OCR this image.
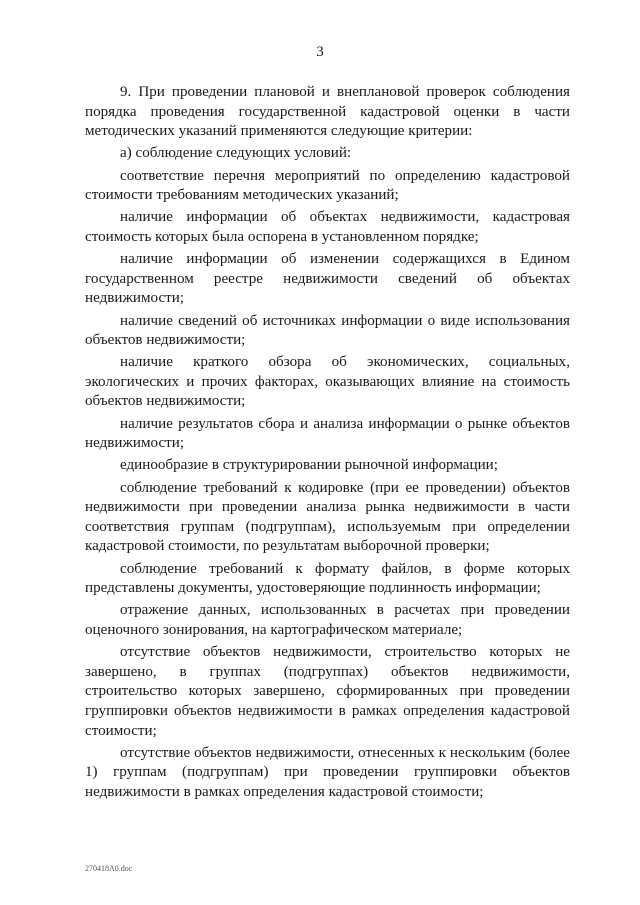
3

9. При проведении плановой и внеплановой проверок соблюдения порядка проведения государственной кадастровой оценки в части методических указаний применяются следующие критерии:

а) соблюдение следующих условий:

соответствие перечня мероприятий по определению кадастровой стоимости требованиям методических указаний;

наличие информации об объектах недвижимости, кадастровая стоимость которых была оспорена в установленном порядке;

наличие информации об изменении содержащихся в Едином государственном реестре недвижимости сведений об объектах недвижимости;

наличие сведений об источниках информации о виде использования объектов недвижимости;

наличие краткого обзора об экономических, социальных, экологических и прочих факторах, оказывающих влияние на стоимость объектов недвижимости;

наличие результатов сбора и анализа информации о рынке объектов недвижимости;

единообразие в структурировании рыночной информации;

соблюдение требований к кодировке (при ее проведении) объектов недвижимости при проведении анализа рынка недвижимости в части соответствия группам (подгруппам), используемым при определении кадастровой стоимости, по результатам выборочной проверки;

соблюдение требований к формату файлов, в форме которых представлены документы, удостоверяющие подлинность информации;

отражение данных, использованных в расчетах при проведении оценочного зонирования, на картографическом материале;

отсутствие объектов недвижимости, строительство которых не завершено, в группах (подгруппах) объектов недвижимости, строительство которых завершено, сформированных при проведении группировки объектов недвижимости в рамках определения кадастровой стоимости;

отсутствие объектов недвижимости, отнесенных к нескольким (более 1) группам (подгруппам) при проведении группировки объектов недвижимости в рамках определения кадастровой стоимости;

270418A0.doc
